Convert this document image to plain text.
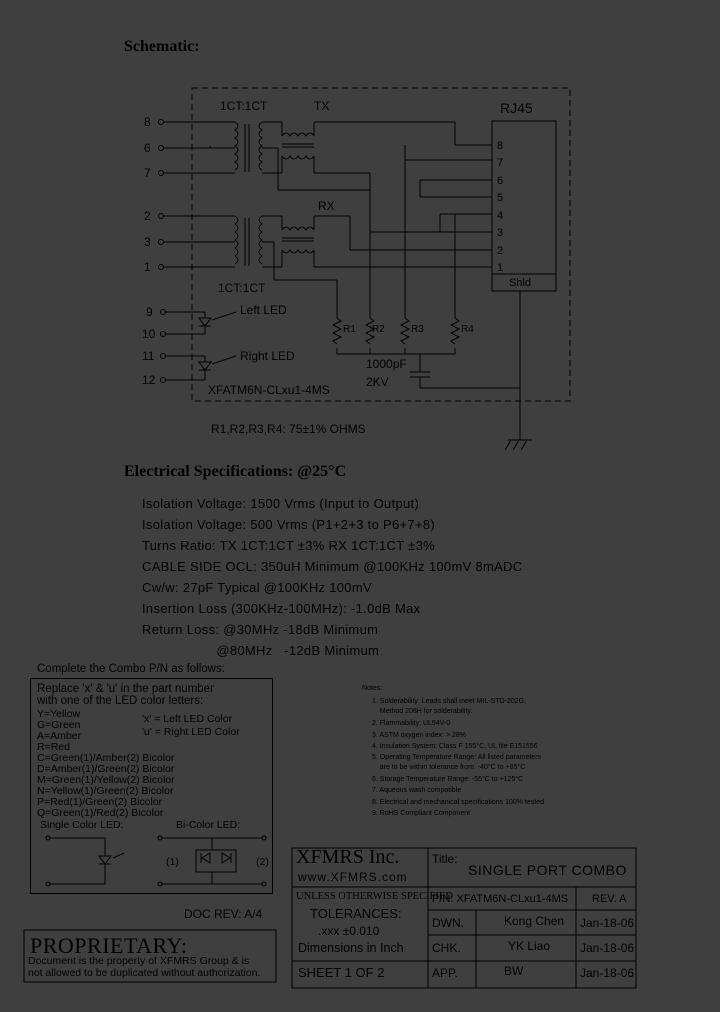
Schematic:
1CT:1CT	TX
RX
1CT:1CT
RJ45
Shld
8
6
7
2
3
1
9
10
11
12
8
7
6
5
4
3
2
1
R1 R2	R3	R4
Left LED
Right LED
XFATM6N-CLxu1-4MS
1000pF
2KV
R1,R2,R3,R4: 75±1% OHMS
Electrical Specifications: @25°C
Isolation Voltage: 1500 Vrms (Input to Output)
Isolation Voltage: 500 Vrms (P1+2+3 to P6+7+8)
Turns Ratio: TX 1CT:1CT ±3% RX 1CT:1CT ±3%
CABLE SIDE OCL: 350uH Minimum @100KHz 100mV 8mADC
Cw/w: 27pF Typical @100KHz 100mV
Insertion Loss (300KHz-100MHz): -1.0dB Max
Return Loss: @30MHz -18dB Minimum
@80MHz   -12dB Minimum
Complete the Combo P/N as follows:
Replace 'x' & 'u' in the part number
with one of the LED color letters:
Y=Yellow
G=Green
A=Amber
R=Red
C=Green(1)/Amber(2) Bicolor
D=Amber(1)/Green(2) Bicolor
M=Green(1)/Yellow(2) Bicolor
N=Yellow(1)/Green(2) Bicolor
P=Red(1)/Green(2) Bicolor
Q=Green(1)/Red(2) Bicolor
'x' = Left LED Color
'u' = Right LED Color
Single Color LED:	Bi-Color LED:
(1)	(2)
Notes:
1. Solderability: Leads shall meet MIL-STD-202G,
Method 208H for solderability.
2. Flammability: UL94V-0
3. ASTM oxygen index: > 28%
4. Insulation System: Class F 155°C, UL file E151556
5. Operating Temperature Range: All listed parameters
are to be within tolerance from  -40°C to +85°C
6. Storage Temperature Range: -55°C to +125°C
7. Aqueous wash compatible
8. Electrical and mechanical specifications 100% tested
9. RoHS Compliant Component
XFMRS Inc.
www.XFMRS.com
Title:
SINGLE PORT COMBO
UNLESS OTHERWISE SPECIFIED
TOLERANCES:
.xxx ±0.010
Dimensions in Inch
SHEET 1 OF 2
P/N: XFATM6N-CLxu1-4MS REV. A
DWN.	Kong Chen Jan-18-06
CHK.	YK Liao Jan-18-06
APP.	BW	Jan-18-06
DOC REV: A/4
PROPRIETARY:
Document is the property of XFMRS Group & is
not allowed to be duplicated without authorization.
